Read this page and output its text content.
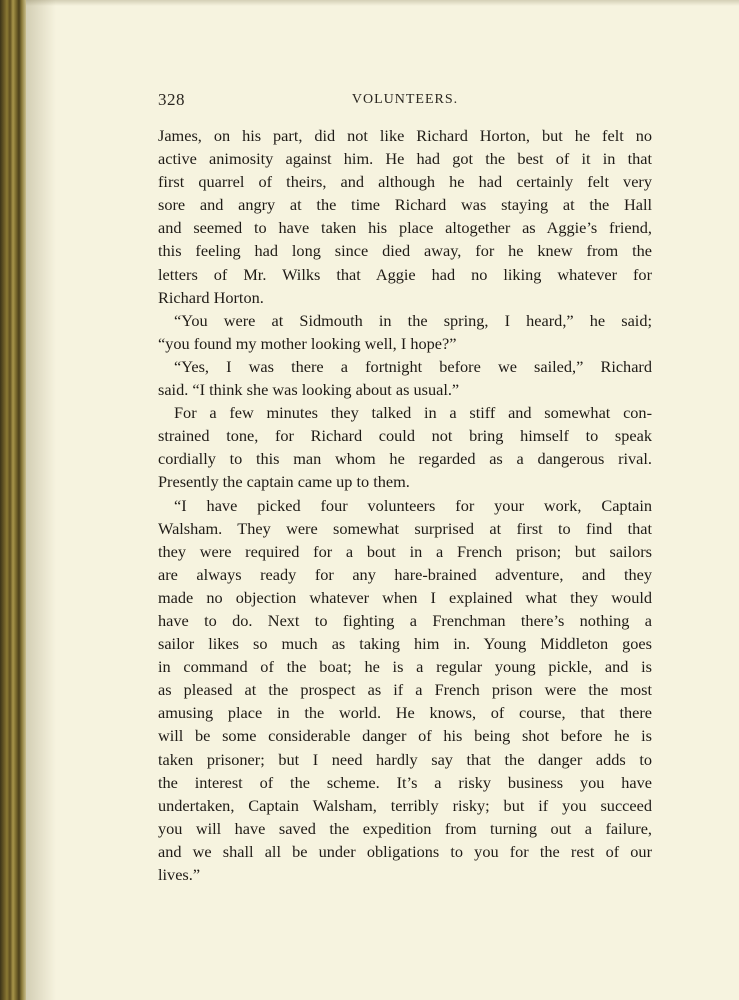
328	VOLUNTEERS.
James, on his part, did not like Richard Horton, but he felt no
active animosity against him. He had got the best of it in that
first quarrel of theirs, and although he had certainly felt very
sore and angry at the time Richard was staying at the Hall
and seemed to have taken his place altogether as Aggie’s friend,
this feeling had long since died away, for he knew from the
letters of Mr. Wilks that Aggie had no liking whatever for
Richard Horton.
“You were at Sidmouth in the spring, I heard,” he said;
“you found my mother looking well, I hope?”
“Yes, I was there a fortnight before we sailed,” Richard
said. “I think she was looking about as usual.”
For a few minutes they talked in a stiff and somewhat con-
strained tone, for Richard could not bring himself to speak
cordially to this man whom he regarded as a dangerous rival.
Presently the captain came up to them.
“I have picked four volunteers for your work, Captain
Walsham. They were somewhat surprised at first to find that
they were required for a bout in a French prison; but sailors
are always ready for any hare-brained adventure, and they
made no objection whatever when I explained what they would
have to do. Next to fighting a Frenchman there’s nothing a
sailor likes so much as taking him in. Young Middleton goes
in command of the boat; he is a regular young pickle, and is
as pleased at the prospect as if a French prison were the most
amusing place in the world. He knows, of course, that there
will be some considerable danger of his being shot before he is
taken prisoner; but I need hardly say that the danger adds to
the interest of the scheme. It’s a risky business you have
undertaken, Captain Walsham, terribly risky; but if you succeed
you will have saved the expedition from turning out a failure,
and we shall all be under obligations to you for the rest of our
lives.”
